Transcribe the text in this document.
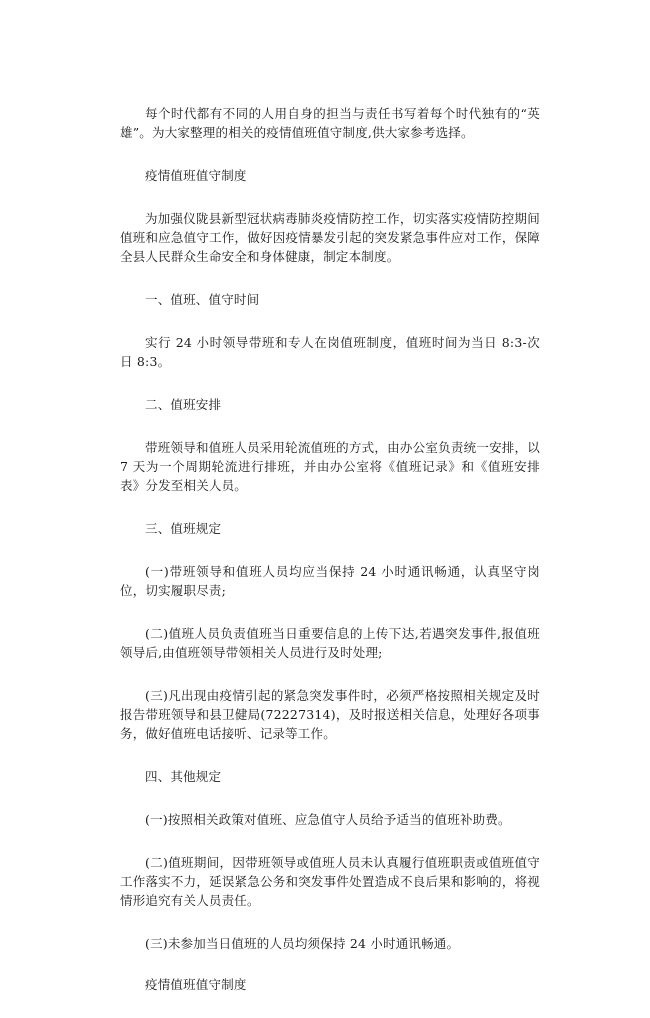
每个时代都有不同的人用自身的担当与责任书写着每个时代独有的“英雄”。为大家整理的相关的疫情值班值守制度,供大家参考选择。

疫情值班值守制度

为加强仪陇县新型冠状病毒肺炎疫情防控工作，切实落实疫情防控期间值班和应急值守工作，做好因疫情暴发引起的突发紧急事件应对工作，保障全县人民群众生命安全和身体健康，制定本制度。

一、值班、值守时间

实行 24 小时领导带班和专人在岗值班制度，值班时间为当日 8:3-次日 8:3。

二、值班安排

带班领导和值班人员采用轮流值班的方式，由办公室负责统一安排，以 7 天为一个周期轮流进行排班，并由办公室将《值班记录》和《值班安排表》分发至相关人员。

三、值班规定

(一)带班领导和值班人员均应当保持 24 小时通讯畅通，认真坚守岗位，切实履职尽责;

(二)值班人员负责值班当日重要信息的上传下达,若遇突发事件,报值班领导后,由值班领导带领相关人员进行及时处理;

(三)凡出现由疫情引起的紧急突发事件时，必须严格按照相关规定及时报告带班领导和县卫健局(72227314)，及时报送相关信息，处理好各项事务，做好值班电话接听、记录等工作。

四、其他规定

(一)按照相关政策对值班、应急值守人员给予适当的值班补助费。

(二)值班期间，因带班领导或值班人员未认真履行值班职责或值班值守工作落实不力，延误紧急公务和突发事件处置造成不良后果和影响的，将视情形追究有关人员责任。

(三)未参加当日值班的人员均须保持 24 小时通讯畅通。

疫情值班值守制度
